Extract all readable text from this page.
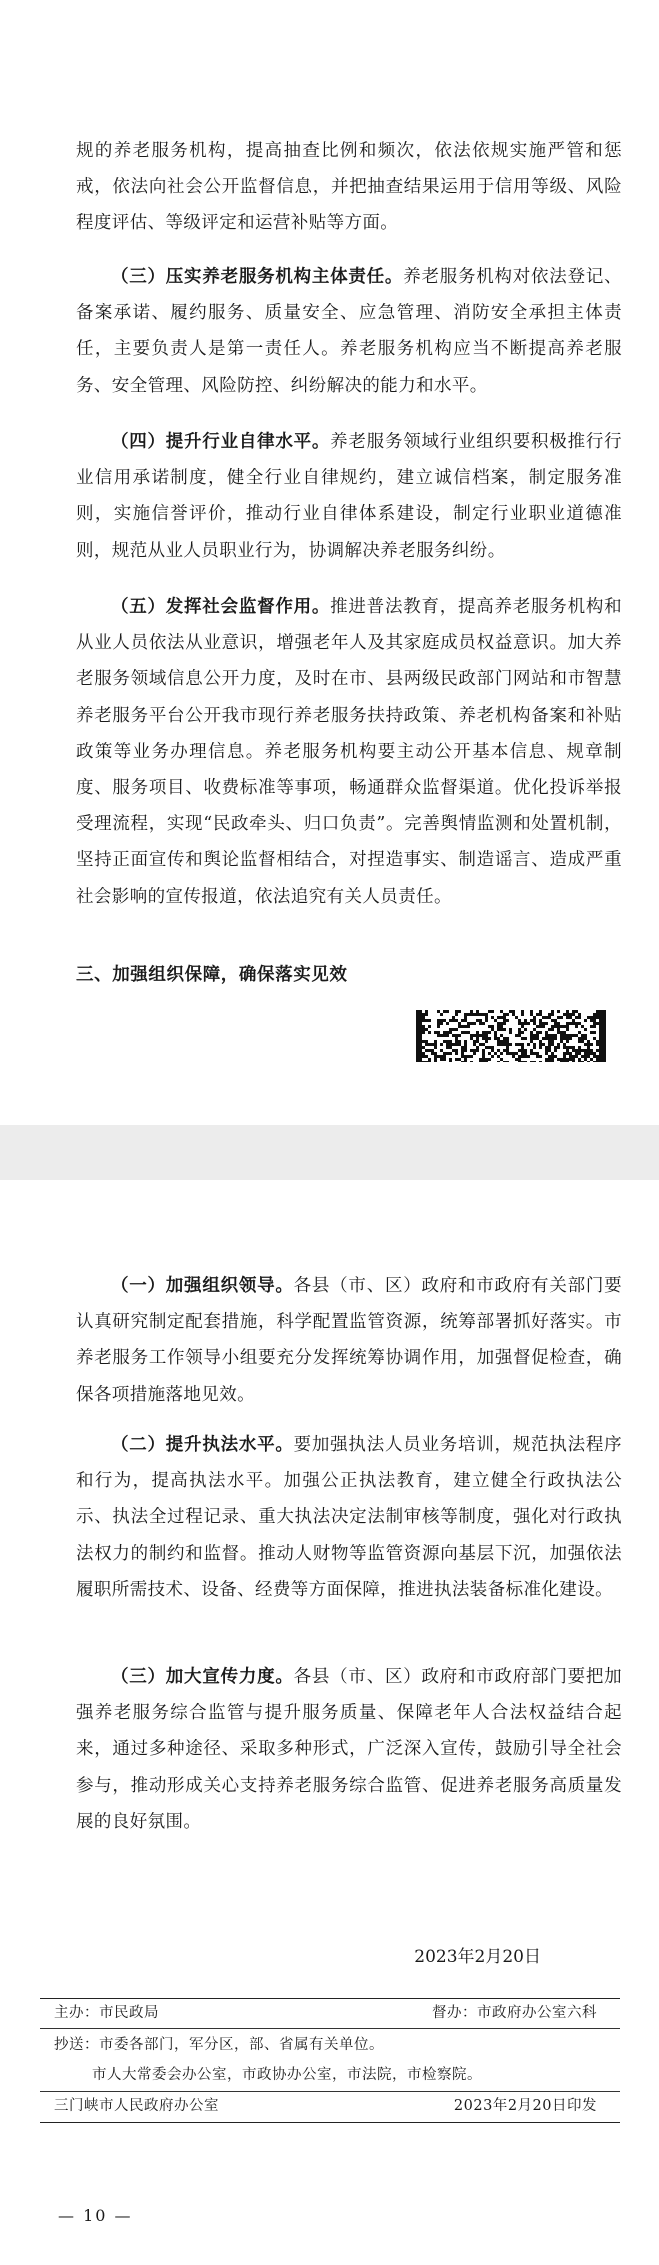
规的养老服务机构，提高抽查比例和频次，依法依规实施严管和惩戒，依法向社会公开监督信息，并把抽查结果运用于信用等级、风险程度评估、等级评定和运营补贴等方面。

（三）压实养老服务机构主体责任。养老服务机构对依法登记、备案承诺、履约服务、质量安全、应急管理、消防安全承担主体责任，主要负责人是第一责任人。养老服务机构应当不断提高养老服务、安全管理、风险防控、纠纷解决的能力和水平。

（四）提升行业自律水平。养老服务领域行业组织要积极推行行业信用承诺制度，健全行业自律规约，建立诚信档案，制定服务准则，实施信誉评价，推动行业自律体系建设，制定行业职业道德准则，规范从业人员职业行为，协调解决养老服务纠纷。

（五）发挥社会监督作用。推进普法教育，提高养老服务机构和从业人员依法从业意识，增强老年人及其家庭成员权益意识。加大养老服务领域信息公开力度，及时在市、县两级民政部门网站和市智慧养老服务平台公开我市现行养老服务扶持政策、养老机构备案和补贴政策等业务办理信息。养老服务机构要主动公开基本信息、规章制度、服务项目、收费标准等事项，畅通群众监督渠道。优化投诉举报受理流程，实现“民政牵头、归口负责”。完善舆情监测和处置机制，坚持正面宣传和舆论监督相结合，对捏造事实、制造谣言、造成严重社会影响的宣传报道，依法追究有关人员责任。

三、加强组织保障，确保落实见效

—

（一）加强组织领导。各县（市、区）政府和市政府有关部门要认真研究制定配套措施，科学配置监管资源，统筹部署抓好落实。市养老服务工作领导小组要充分发挥统筹协调作用，加强督促检查，确保各项措施落地见效。

（二）提升执法水平。要加强执法人员业务培训，规范执法程序和行为，提高执法水平。加强公正执法教育，建立健全行政执法公示、执法全过程记录、重大执法决定法制审核等制度，强化对行政执法权力的制约和监督。推动人财物等监管资源向基层下沉，加强依法履职所需技术、设备、经费等方面保障，推进执法装备标准化建设。

（三）加大宣传力度。各县（市、区）政府和市政府部门要把加强养老服务综合监管与提升服务质量、保障老年人合法权益结合起来，通过多种途径、采取多种形式，广泛深入宣传，鼓励引导全社会参与，推动形成关心支持养老服务综合监管、促进养老服务高质量发展的良好氛围。

2023年2月20日
主办：市民政局	督办：市政府办公室六科
抄送：市委各部门，军分区，部、省属有关单位。
市人大常委会办公室，市政协办公室，市法院，市检察院。
三门峡市人民政府办公室	2023年2月20日印发
— 10 —
